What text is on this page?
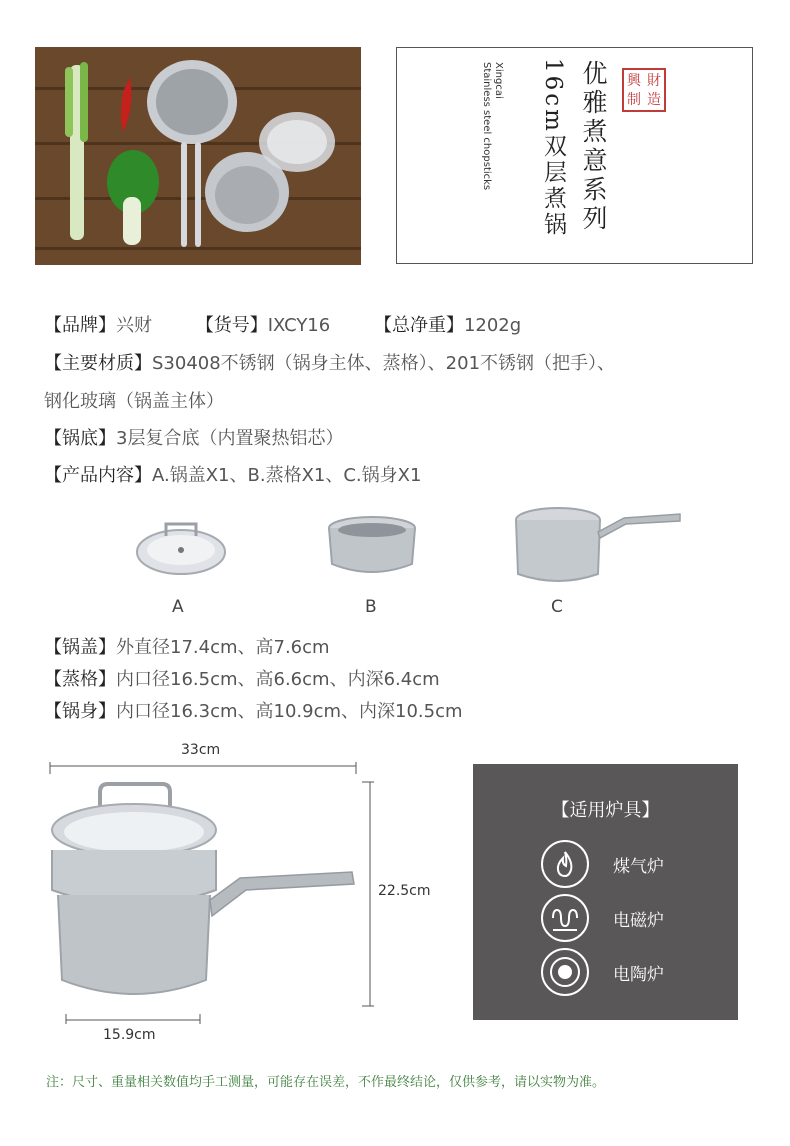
优雅煮意系列
16cm双层煮锅
Xingcai
Stainless steel chopsticks	興 財
制 造
【品牌】兴财 【货号】IXCY16 【总净重】1202g
【主要材质】S30408不锈钢（锅身主体、蒸格）、201不锈钢（把手）、
钢化玻璃（锅盖主体）
【锅底】3层复合底（内置聚热铝芯）
【产品内容】A.锅盖X1、B.蒸格X1、C.锅身X1
A	B	C
【锅盖】外直径17.4cm、高7.6cm
【蒸格】内口径16.5cm、高6.6cm、内深6.4cm
【锅身】内口径16.3cm、高10.9cm、内深10.5cm
33cm
22.5cm
15.9cm
【适用炉具】
煤气炉
电磁炉
电陶炉
注：尺寸、重量相关数值均手工测量，可能存在误差，不作最终结论，仅供参考，请以实物为准。
